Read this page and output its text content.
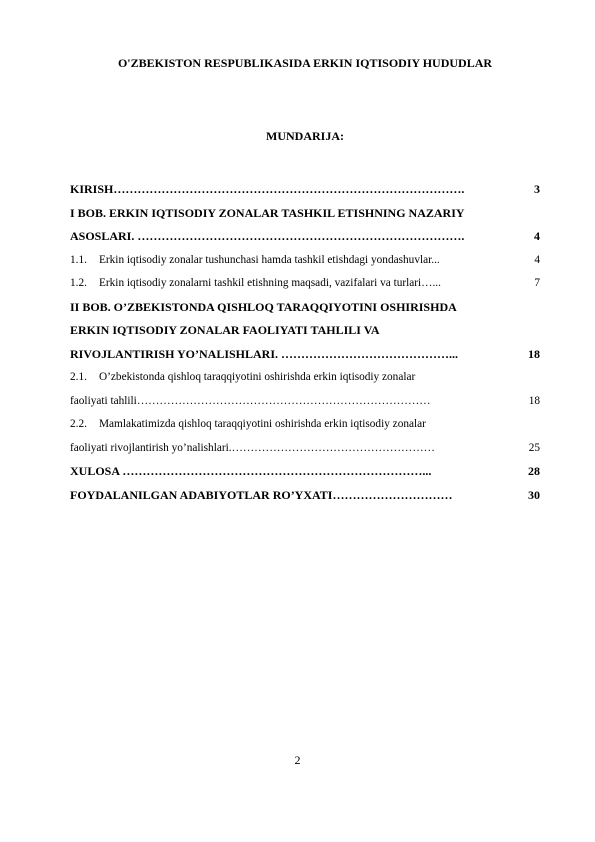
O'ZBEKISTON RESPUBLIKASIDA ERKIN IQTISODIY HUDUDLAR
MUNDARIJA:
KIRISH…………………………………………………………………………….	3
I BOB. ERKIN IQTISODIY ZONALAR TASHKIL ETISHNING NAZARIY
ASOSLARI. ……………………………………………………………………….	4
1.1. Erkin iqtisodiy zonalar tushunchasi hamda tashkil etishdagi yondashuvlar...	4
1.2. Erkin iqtisodiy zonalarni tashkil etishning maqsadi, vazifalari va turlari…...	7
II BOB. O’ZBEKISTONDA QISHLOQ TARAQQIYOTINI OSHIRISHDA
ERKIN IQTISODIY ZONALAR FAOLIYATI TAHLILI VA
RIVOJLANTIRISH YO’NALISHLARI. ……………………………………...	18
2.1. O’zbekistonda qishloq taraqqiyotini oshirishda erkin iqtisodiy zonalar
faoliyati tahlili……………………………………………………………………	18
2.2. Mamlakatimizda qishloq taraqqiyotini oshirishda erkin iqtisodiy zonalar
faoliyati rivojlantirish yo’nalishlari.………………………………………………	25
XULOSA …………………………………………………………………...	28
FOYDALANILGAN ADABIYOTLAR RO’YXATI…………………………	30
2
